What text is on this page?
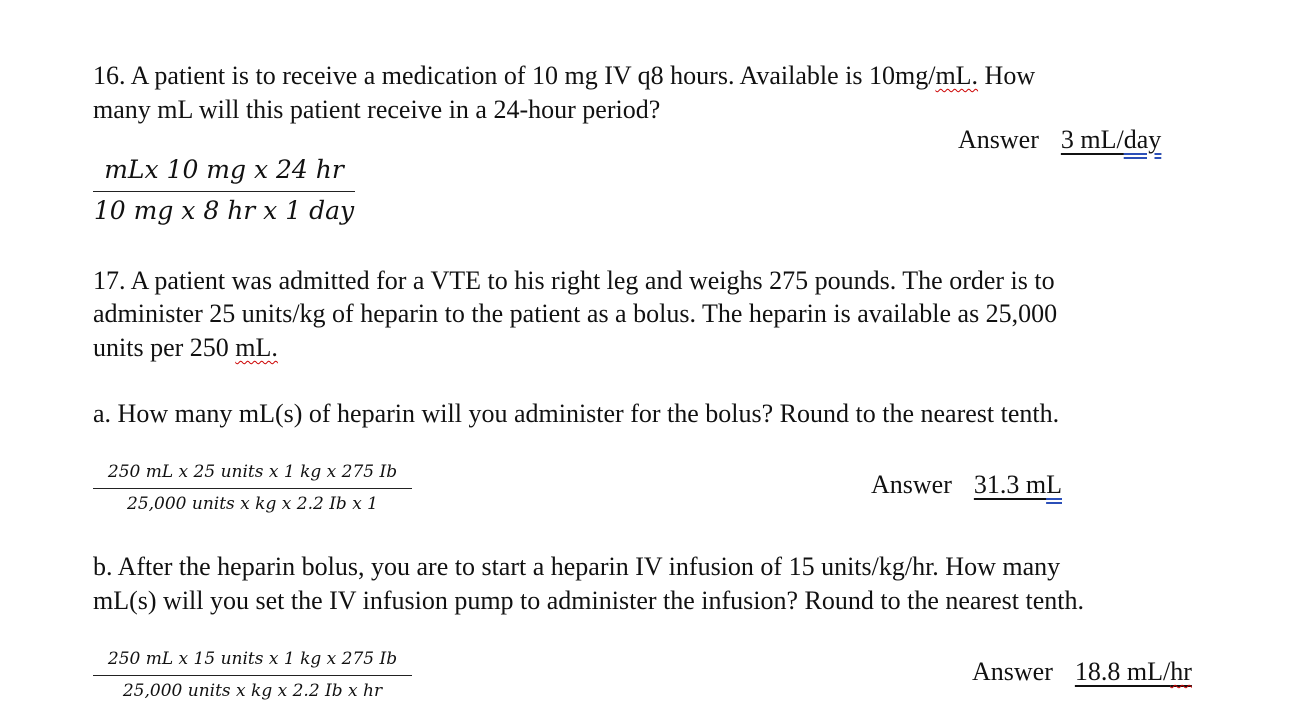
16. A patient is to receive a medication of 10 mg IV q8 hours. Available is 10mg/mL. How

many mL will this patient receive in a 24-hour period?

Answer 3 mL/day
mLx 10 mg x 24 hr
10 mg x 8 hr x 1 day

17. A patient was admitted for a VTE to his right leg and weighs 275 pounds. The order is to

administer 25 units/kg of heparin to the patient as a bolus. The heparin is available as 25,000

units per 250 mL.

a. How many mL(s) of heparin will you administer for the bolus? Round to the nearest tenth.

250 mL x 25 units x 1 kg x 275 Ib
25,000 units x kg x 2.2 Ib x 1
Answer 31.3 mL

b. After the heparin bolus, you are to start a heparin IV infusion of 15 units/kg/hr. How many

mL(s) will you set the IV infusion pump to administer the infusion? Round to the nearest tenth.

250 mL x 15 units x 1 kg x 275 Ib
25,000 units x kg x 2.2 Ib x hr
Answer 18.8 mL/hr
